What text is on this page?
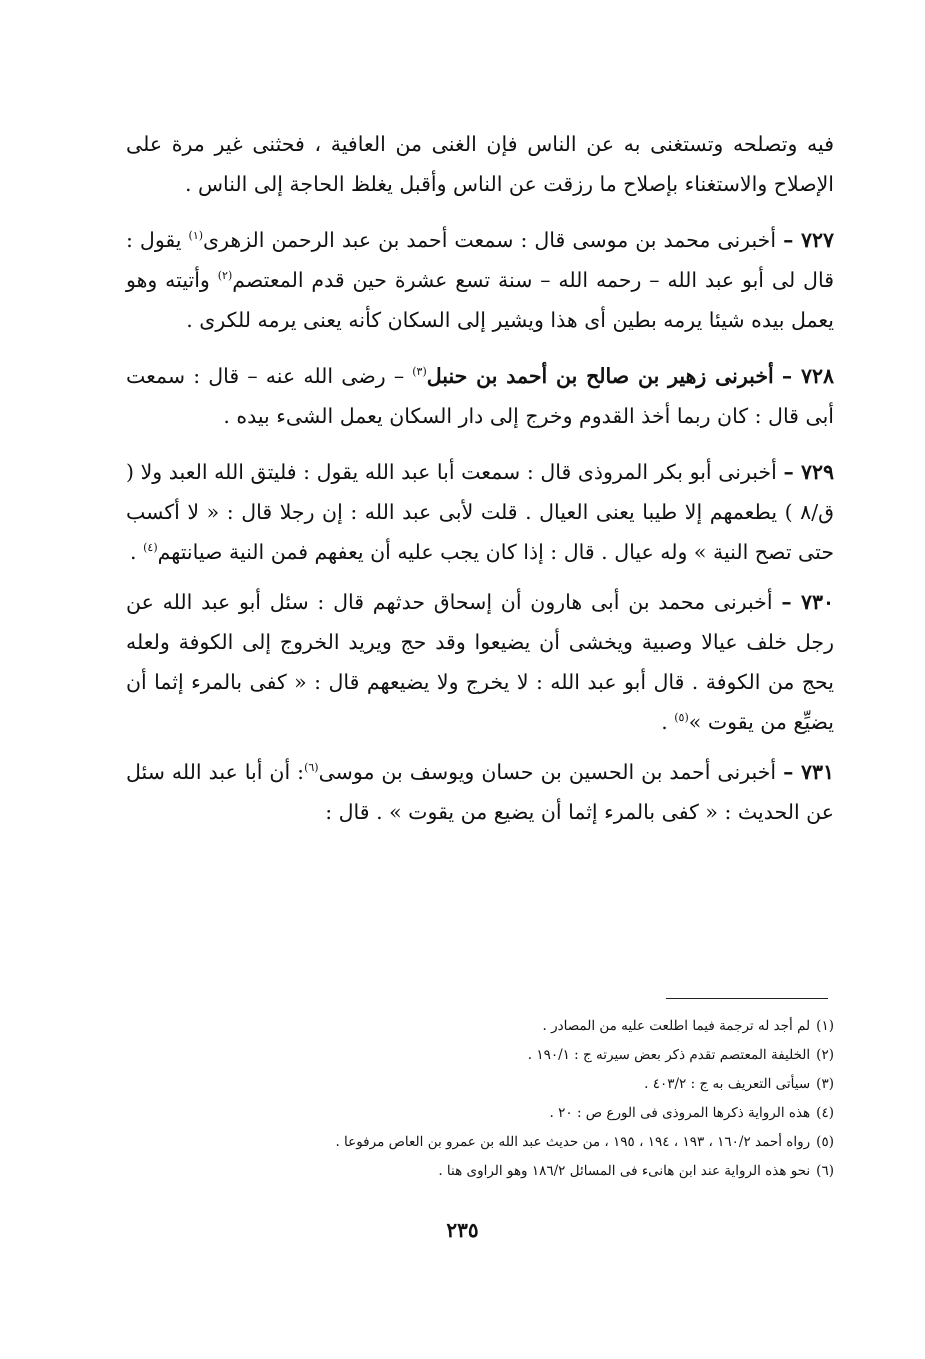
فيه وتصلحه وتستغنى به عن الناس فإن الغنى من العافية ، فحثنى غير مرة على الإصلاح والاستغناء بإصلاح ما رزقت عن الناس وأقبل يغلظ الحاجة إلى الناس .

٧٢٧ – أخبرنى محمد بن موسى قال : سمعت أحمد بن عبد الرحمن الزهرى$^{(١)}$ يقول : قال لى أبو عبد الله – رحمه الله – سنة تسع عشرة حين قدم المعتصم$^{(٢)}$ وأتيته وهو يعمل بيده شيئا يرمه بطين أى هذا ويشير إلى السكان كأنه يعنى يرمه للكرى .

٧٢٨ – أخبرنى زهير بن صالح بن أحمد بن حنبل$^{(٣)}$ – رضى الله عنه – قال : سمعت أبى قال : كان ربما أخذ القدوم وخرج إلى دار السكان يعمل الشىء بيده .

٧٢٩ – أخبرنى أبو بكر المروذى قال : سمعت أبا عبد الله يقول : فليتق الله العبد ولا ( ق/٨ ) يطعمهم إلا طيبا يعنى العيال . قلت لأبى عبد الله : إن رجلا قال : « لا أكسب حتى تصح النية » وله عيال . قال : إذا كان يجب عليه أن يعفهم فمن النية صيانتهم$^{(٤)}$ .

٧٣٠ – أخبرنى محمد بن أبى هارون أن إسحاق حدثهم قال : سئل أبو عبد الله عن رجل خلف عيالا وصبية ويخشى أن يضيعوا وقد حج ويريد الخروج إلى الكوفة ولعله يحج من الكوفة . قال أبو عبد الله : لا يخرج ولا يضيعهم قال : « كفى بالمرء إثما أن يضيِّع من يقوت »$^{(٥)}$ .

٧٣١ – أخبرنى أحمد بن الحسين بن حسان ويوسف بن موسى$^{(٦)}$: أن أبا عبد الله سئل عن الحديث : « كفى بالمرء إثما أن يضيع من يقوت » . قال :

(١)لم أجد له ترجمة فيما اطلعت عليه من المصادر .

(٢)الخليفة المعتصم تقدم ذكر بعض سيرته ج : ١٩٠/١ .

(٣)سيأتى التعريف به ج : ٤٠٣/٢ .

(٤)هذه الرواية ذكرها المروذى فى الورع ص : ٢٠ .

(٥)رواه أحمد ١٦٠/٢ ، ١٩٣ ، ١٩٤ ، ١٩٥ ، من حديث عبد الله بن عمرو بن العاص مرفوعا .

(٦)نحو هذه الرواية عند ابن هانىء فى المسائل ١٨٦/٢ وهو الراوى هنا .

٢٣٥
